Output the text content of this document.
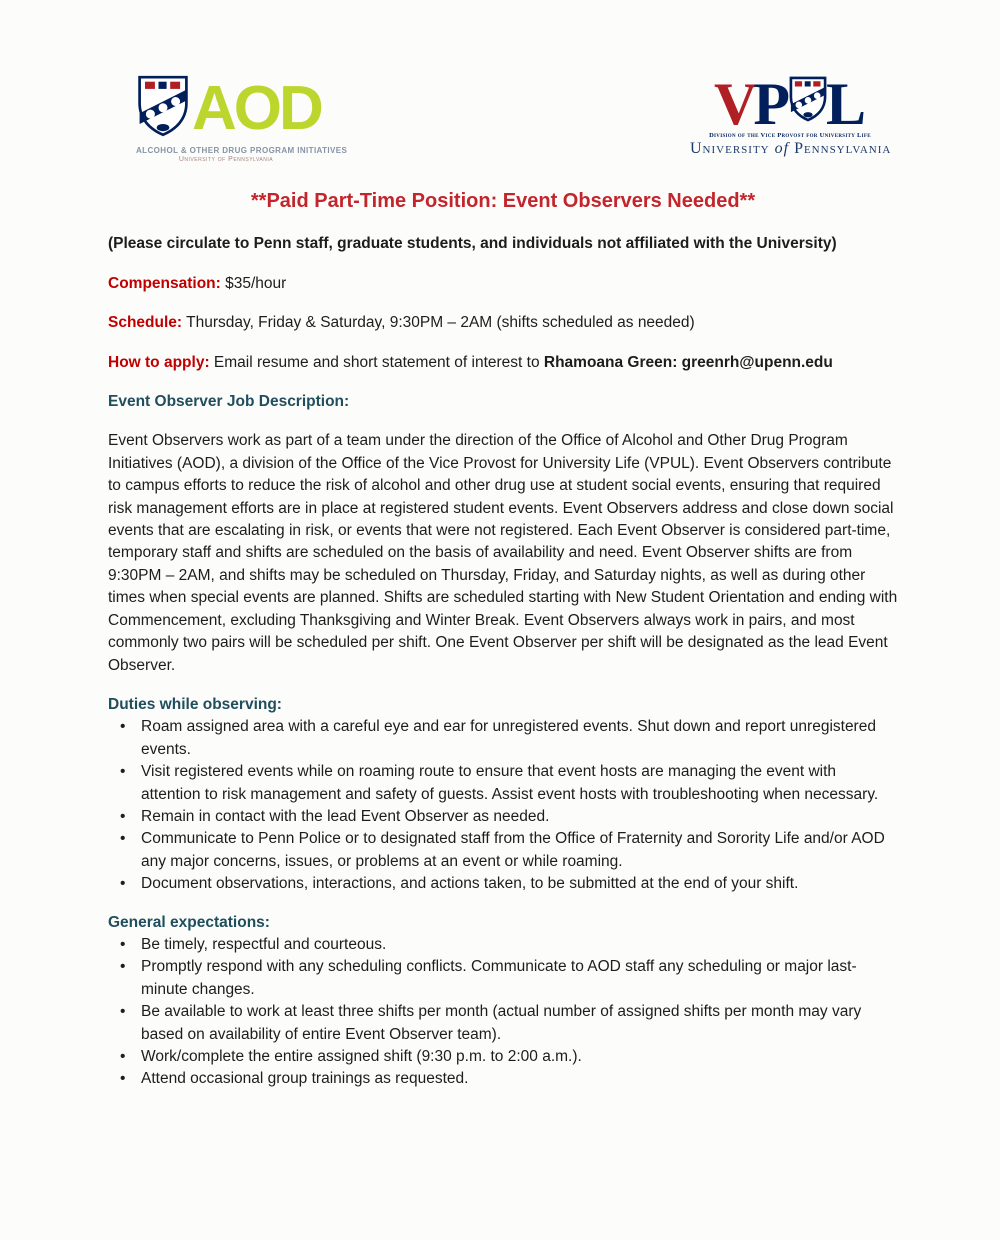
AOD
ALCOHOL & OTHER DRUG PROGRAM INITIATIVES
University of Pennsylvania
V
P L
Division of the Vice Provost for University Life
University of Pennsylvania

**Paid Part-Time Position: Event Observers Needed**

(Please circulate to Penn staff, graduate students, and individuals not affiliated with the University)

Compensation: $35/hour

Schedule: Thursday, Friday & Saturday, 9:30PM – 2AM (shifts scheduled as needed)

How to apply: Email resume and short statement of interest to Rhamoana Green: greenrh@upenn.edu

Event Observer Job Description:

Event Observers work as part of a team under the direction of the Office of Alcohol and Other Drug Program Initiatives (AOD), a division of the Office of the Vice Provost for University Life (VPUL). Event Observers contribute to campus efforts to reduce the risk of alcohol and other drug use at student social events, ensuring that required risk management efforts are in place at registered student events. Event Observers address and close down social events that are escalating in risk, or events that were not registered. Each Event Observer is considered part-time, temporary staff and shifts are scheduled on the basis of availability and need. Event Observer shifts are from 9:30PM – 2AM, and shifts may be scheduled on Thursday, Friday, and Saturday nights, as well as during other times when special events are planned. Shifts are scheduled starting with New Student Orientation and ending with Commencement, excluding Thanksgiving and Winter Break. Event Observers always work in pairs, and most commonly two pairs will be scheduled per shift. One Event Observer per shift will be designated as the lead Event Observer.

Duties while observing:

• Roam assigned area with a careful eye and ear for unregistered events. Shut down and report unregistered events.
• Visit registered events while on roaming route to ensure that event hosts are managing the event with attention to risk management and safety of guests. Assist event hosts with troubleshooting when necessary.
• Remain in contact with the lead Event Observer as needed.
• Communicate to Penn Police or to designated staff from the Office of Fraternity and Sorority Life and/or AOD any major concerns, issues, or problems at an event or while roaming.
• Document observations, interactions, and actions taken, to be submitted at the end of your shift.

General expectations:

• Be timely, respectful and courteous.
• Promptly respond with any scheduling conflicts. Communicate to AOD staff any scheduling or major last-minute changes.
• Be available to work at least three shifts per month (actual number of assigned shifts per month may vary based on availability of entire Event Observer team).
• Work/complete the entire assigned shift (9:30 p.m. to 2:00 a.m.).
• Attend occasional group trainings as requested.
